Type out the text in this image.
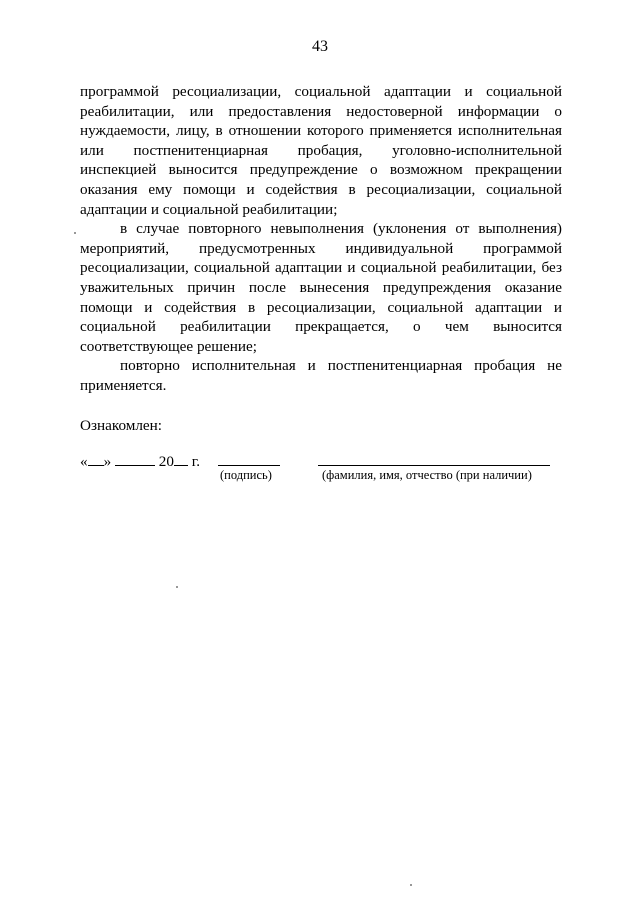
43

программой ресоциализации, социальной адаптации и социальной реабилитации, или предоставления недостоверной информации о нуждаемости, лицу, в отношении которого применяется исполнительная или постпенитенциарная пробация, уголовно-исполнительной инспекцией выносится предупреждение о возможном прекращении оказания ему помощи и содействия в ресоциализации, социальной адаптации и социальной реабилитации;

в случае повторного невыполнения (уклонения от выполнения) мероприятий, предусмотренных индивидуальной программой ресоциализации, социальной адаптации и социальной реабилитации, без уважительных причин после вынесения предупреждения оказание помощи и содействия в ресоциализации, социальной адаптации и социальной реабилитации прекращается, о чем выносится соответствующее решение;

повторно исполнительная и постпенитенциарная пробация не применяется.

Ознакомлен:
« »	20 г.
(подпись)	(фамилия, имя, отчество (при наличии)
